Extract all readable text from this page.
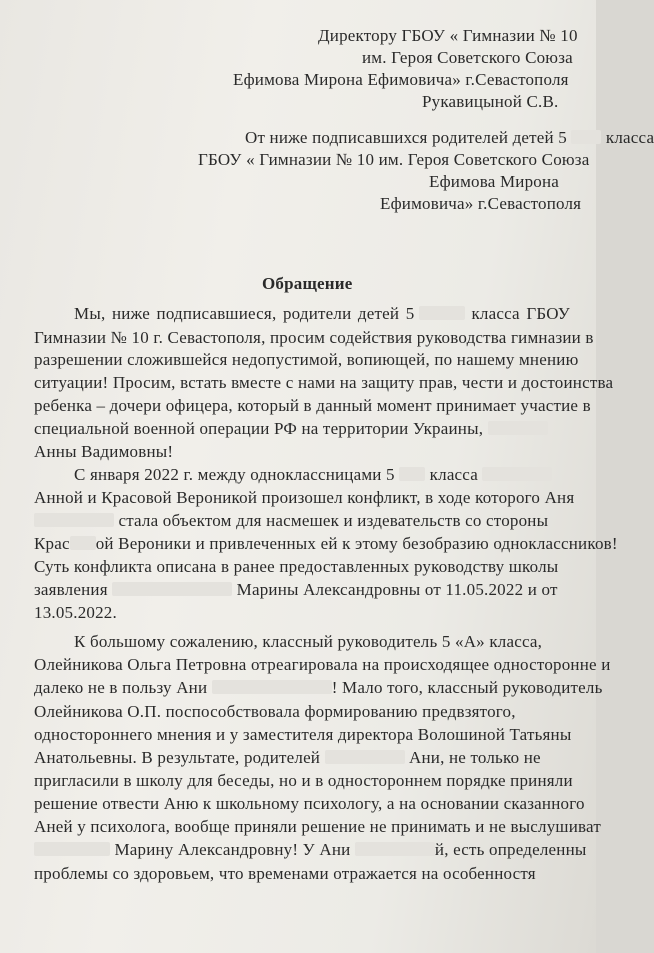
Директору ГБОУ « Гимназии № 10
им. Героя Советского Союза
Ефимова Мирона Ефимовича» г.Севастополя
Рукавицыной С.В.
От ниже подписавшихся родителей детей 5 класса
ГБОУ « Гимназии № 10 им. Героя Советского Союза
Ефимова Мирона
Ефимовича» г.Севастополя
Обращение
Мы, ниже подписавшиеся, родители детей 5	класса ГБОУ
Гимназии № 10 г. Севастополя, просим содействия руководства гимназии в
разрешении сложившейся недопустимой, вопиющей, по нашему мнению
ситуации! Просим, встать вместе с нами на защиту прав, чести и достоинства
ребенка – дочери офицера, который в данный момент принимает участие в
специальной военной операции РФ на территории Украины,
Анны Вадимовны!
С января 2022 г. между одноклассницами 5 класса
Анной и Красовой Вероникой произошел конфликт, в ходе которого Аня
стала объектом для насмешек и издевательств со стороны
Крас ой Вероники и привлеченных ей к этому безобразию одноклассников!
Суть конфликта описана в ранее предоставленных руководству школы
заявления	Марины Александровны от 11.05.2022 и от
13.05.2022.
К большому сожалению, классный руководитель 5 «А» класса,
Олейникова Ольга Петровна отреагировала на происходящее односторонне и
далеко не в пользу Ани	! Мало того, классный руководитель
Олейникова О.П. поспособствовала формированию предвзятого,
одностороннего мнения и у заместителя директора Волошиной Татьяны
Анатольевны. В результате, родителей	Ани, не только не
пригласили в школу для беседы, но и в одностороннем порядке приняли
решение отвести Аню к школьному психологу, а на основании сказанного
Аней у психолога, вообще приняли решение не принимать и не выслушиват
Марину Александровну! У Ани	й, есть определенны
проблемы со здоровьем, что временами отражается на особенностя
